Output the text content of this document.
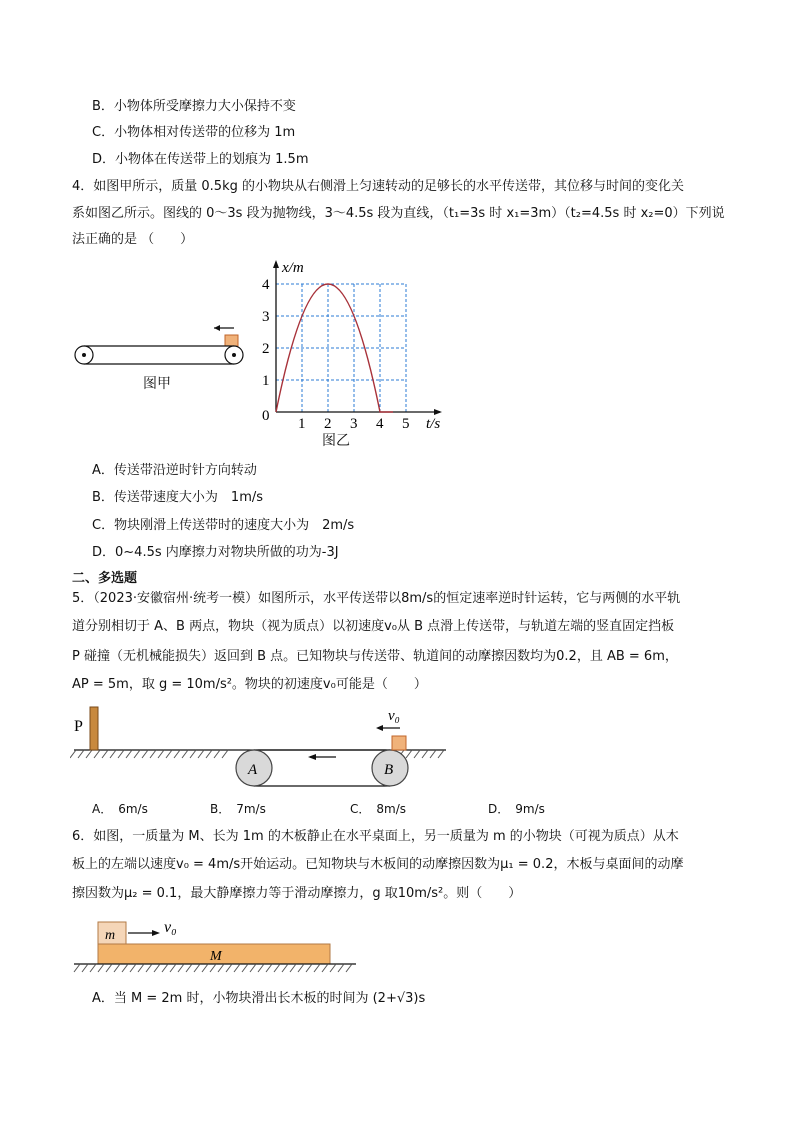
B．小物体所受摩擦力大小保持不变
C．小物体相对传送带的位移为 1m
D．小物体在传送带上的划痕为 1.5m
4．如图甲所示，质量 0.5kg 的小物块从右侧滑上匀速转动的足够长的水平传送带，其位移与时间的变化关
系如图乙所示。图线的 0～3s 段为抛物线，3～4.5s 段为直线，（t₁=3s 时 x₁=3m）（t₂=4.5s 时 x₂=0）下列说
法正确的是 （　　）
图甲
x/m
t/s
0
1
2
3
4
1 2 3 4 5
图乙
A．传送带沿逆时针方向转动
B．传送带速度大小为　1m/s
C．物块刚滑上传送带时的速度大小为　2m/s
D．0~4.5s 内摩擦力对物块所做的功为-3J
二、多选题
5．（2023·安徽宿州·统考一模）如图所示，水平传送带以8m/s的恒定速率逆时针运转，它与两侧的水平轨
道分别相切于 A、B 两点，物块（视为质点）以初速度v₀从 B 点滑上传送带，与轨道左端的竖直固定挡板
P 碰撞（无机械能损失）返回到 B 点。已知物块与传送带、轨道间的动摩擦因数均为0.2，且 AB = 6m，
AP = 5m，取 g = 10m/s²。物块的初速度v₀可能是（　　）
P
A	B
v₀
A．　6m/s	B．　7m/s	C．　8m/s	D．　9m/s
6．如图，一质量为 M、长为 1m 的木板静止在水平桌面上，另一质量为 m 的小物块（可视为质点）从木
板上的左端以速度v₀ = 4m/s开始运动。已知物块与木板间的动摩擦因数为μ₁ = 0.2，木板与桌面间的动摩
擦因数为μ₂ = 0.1，最大静摩擦力等于滑动摩擦力，g 取10m/s²。则（　　）
m	v₀
M
A．当 M = 2m 时，小物块滑出长木板的时间为 (2+√3)s
